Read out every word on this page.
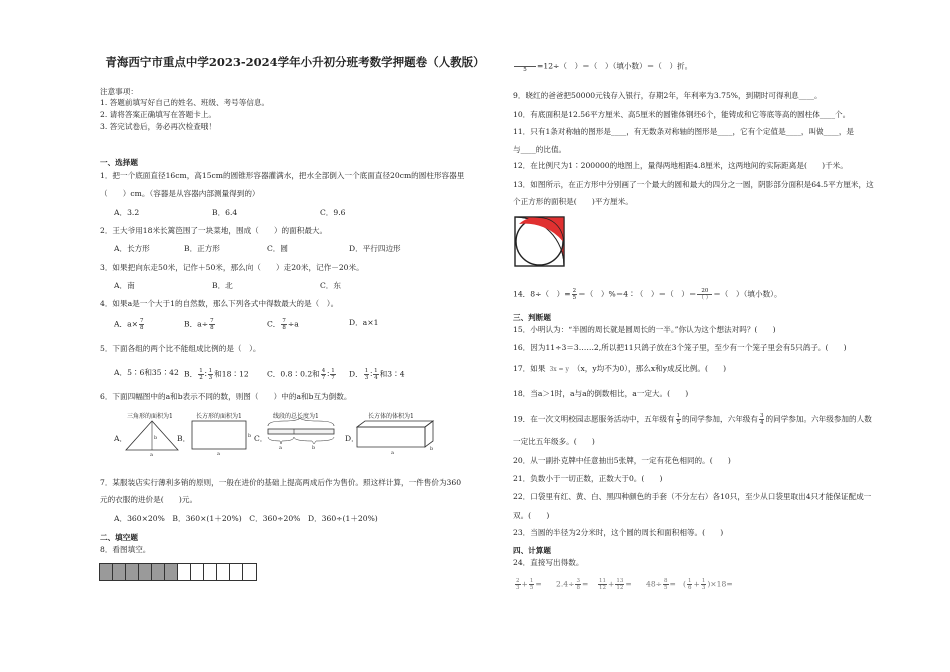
青海西宁市重点中学2023-2024学年小升初分班考数学押题卷（人教版）
注意事项：
1. 答题前填写好自己的姓名、班级、考号等信息。
2. 请将答案正确填写在答题卡上。
3. 答完试卷后，务必再次检查哦！
一、选择题
1．把一个底面直径16cm，高15cm的圆锥形容器灌满水，把水全部倒入一个底面直径20cm的圆柱形容器里
（　　）cm。（容器是从容器内部测量得到的）
A．3.2	B．6.4	C．9.6
2．王大爷用18米长篱笆围了一块菜地，围成（　　）的面积最大。
A．长方形	B．正方形	C．圆	D．平行四边形
3．如果把向东走50米，记作＋50米，那么向（　　）走20米，记作－20米。
A．南	B．北	C．东
4．如果a是一个大于1的自然数，那么下列各式中得数最大的是（　）。
A．$a\times \frac{7}{8}$	B．$a\div \frac{7}{8}$	C． $\frac{7}{8} \div a$	D．a×1
5．下面各组的两个比不能组成比例的是（　）。
A．5∶6和35∶42 B． $\frac{1}{2}$ ∶ $\frac{1}{3}$ 和18∶12 C．0.8∶0.2和 $\frac{4}{7}$ ∶ $\frac{1}{7}$ D． $\frac{1}{3}$ ∶ $\frac{1}{4}$ 和3∶4
6．下面四幅图中的a和b表示不同的数，则图（　　）中的a和b互为倒数。
三角形的面积为1	长方形的面积为1	线段的总长度为1	长方体的体积为1
A．	B．	C．	D．
b
a
b
a
a	b
a
b
7．某服装店实行薄利多销的原则，一般在进价的基础上提高两成后作为售价。照这样计算，一件售价为360
元的衣服的进价是(　　)元。
A．360×20%　B．360×(1＋20%)　C．360÷20%　D．360÷(1＋20%)
二、填空题
8．看图填空。

5	=12÷（　）＝（　）（填小数）＝（　）折。
9．晓红的爸爸把50000元钱存入银行，存期2年，年利率为3.75%，到期时可得利息____。
10．有底面积是12.56平方厘米、高5厘米的圆锥体钢坯6个，能铸成和它等底等高的圆柱体____个。
11．只有1条对称轴的图形是____，有无数条对称轴的图形是____，它有个定值是____，叫做____，是
与____的比值。
12．在比例尺为1∶200000的地图上，量得两地相距4.8厘米，这两地间的实际距离是(　　)千米。
13．如图所示，在正方形中分别画了一个最大的圆和最大的四分之一圆，阴影部分面积是64.5平方厘米，这
个正方形的面积是(　　)平方厘米。
14．8÷（　）= $\frac{2}{5}$ ＝（　）%＝4∶（　）＝（　）＝ $\frac{20}{( )}$ ＝（　）（填小数）。
三、判断题
15．小明认为：“半圆的周长就是圆周长的一半。”你认为这个想法对吗？(　　)
16．因为11÷3＝3……2,所以把11只鸽子放在3个笼子里，至少有一个笼子里会有5只鸽子。(　　)
17．如果 3x = y （x，y均不为0），那么x和y成反比例。(　　)
18．当a＞1时，a与a的倒数相比，a一定大。(　　)
19．在一次文明校园志愿服务活动中，五年级有 $\frac{1}{5}$ 的同学参加，六年级有 $\frac{3}{4}$ 的同学参加。六年级参加的人数
一定比五年级多。(　　)
20．从一副扑克牌中任意抽出5张牌，一定有花色相同的。(　　)
21．负数小于一切正数，正数大于0。(　　)
22．口袋里有红、黄、白、黑四种颜色的手套（不分左右）各10只，至少从口袋里取出4只才能保证配成一
双。(　　)
23．当圆的半径为2分米时，这个圆的周长和面积相等。(　　)
四、计算题
24．直接写出得数。
$\frac{2}{3} + \frac{1}{5} = 2.4\div \frac{3}{8} = \frac{11}{12} + \frac{13}{12} = 48\div \frac{8}{5}$ = ( $\frac{1}{6} + \frac{1}{3} )\times 18=$
